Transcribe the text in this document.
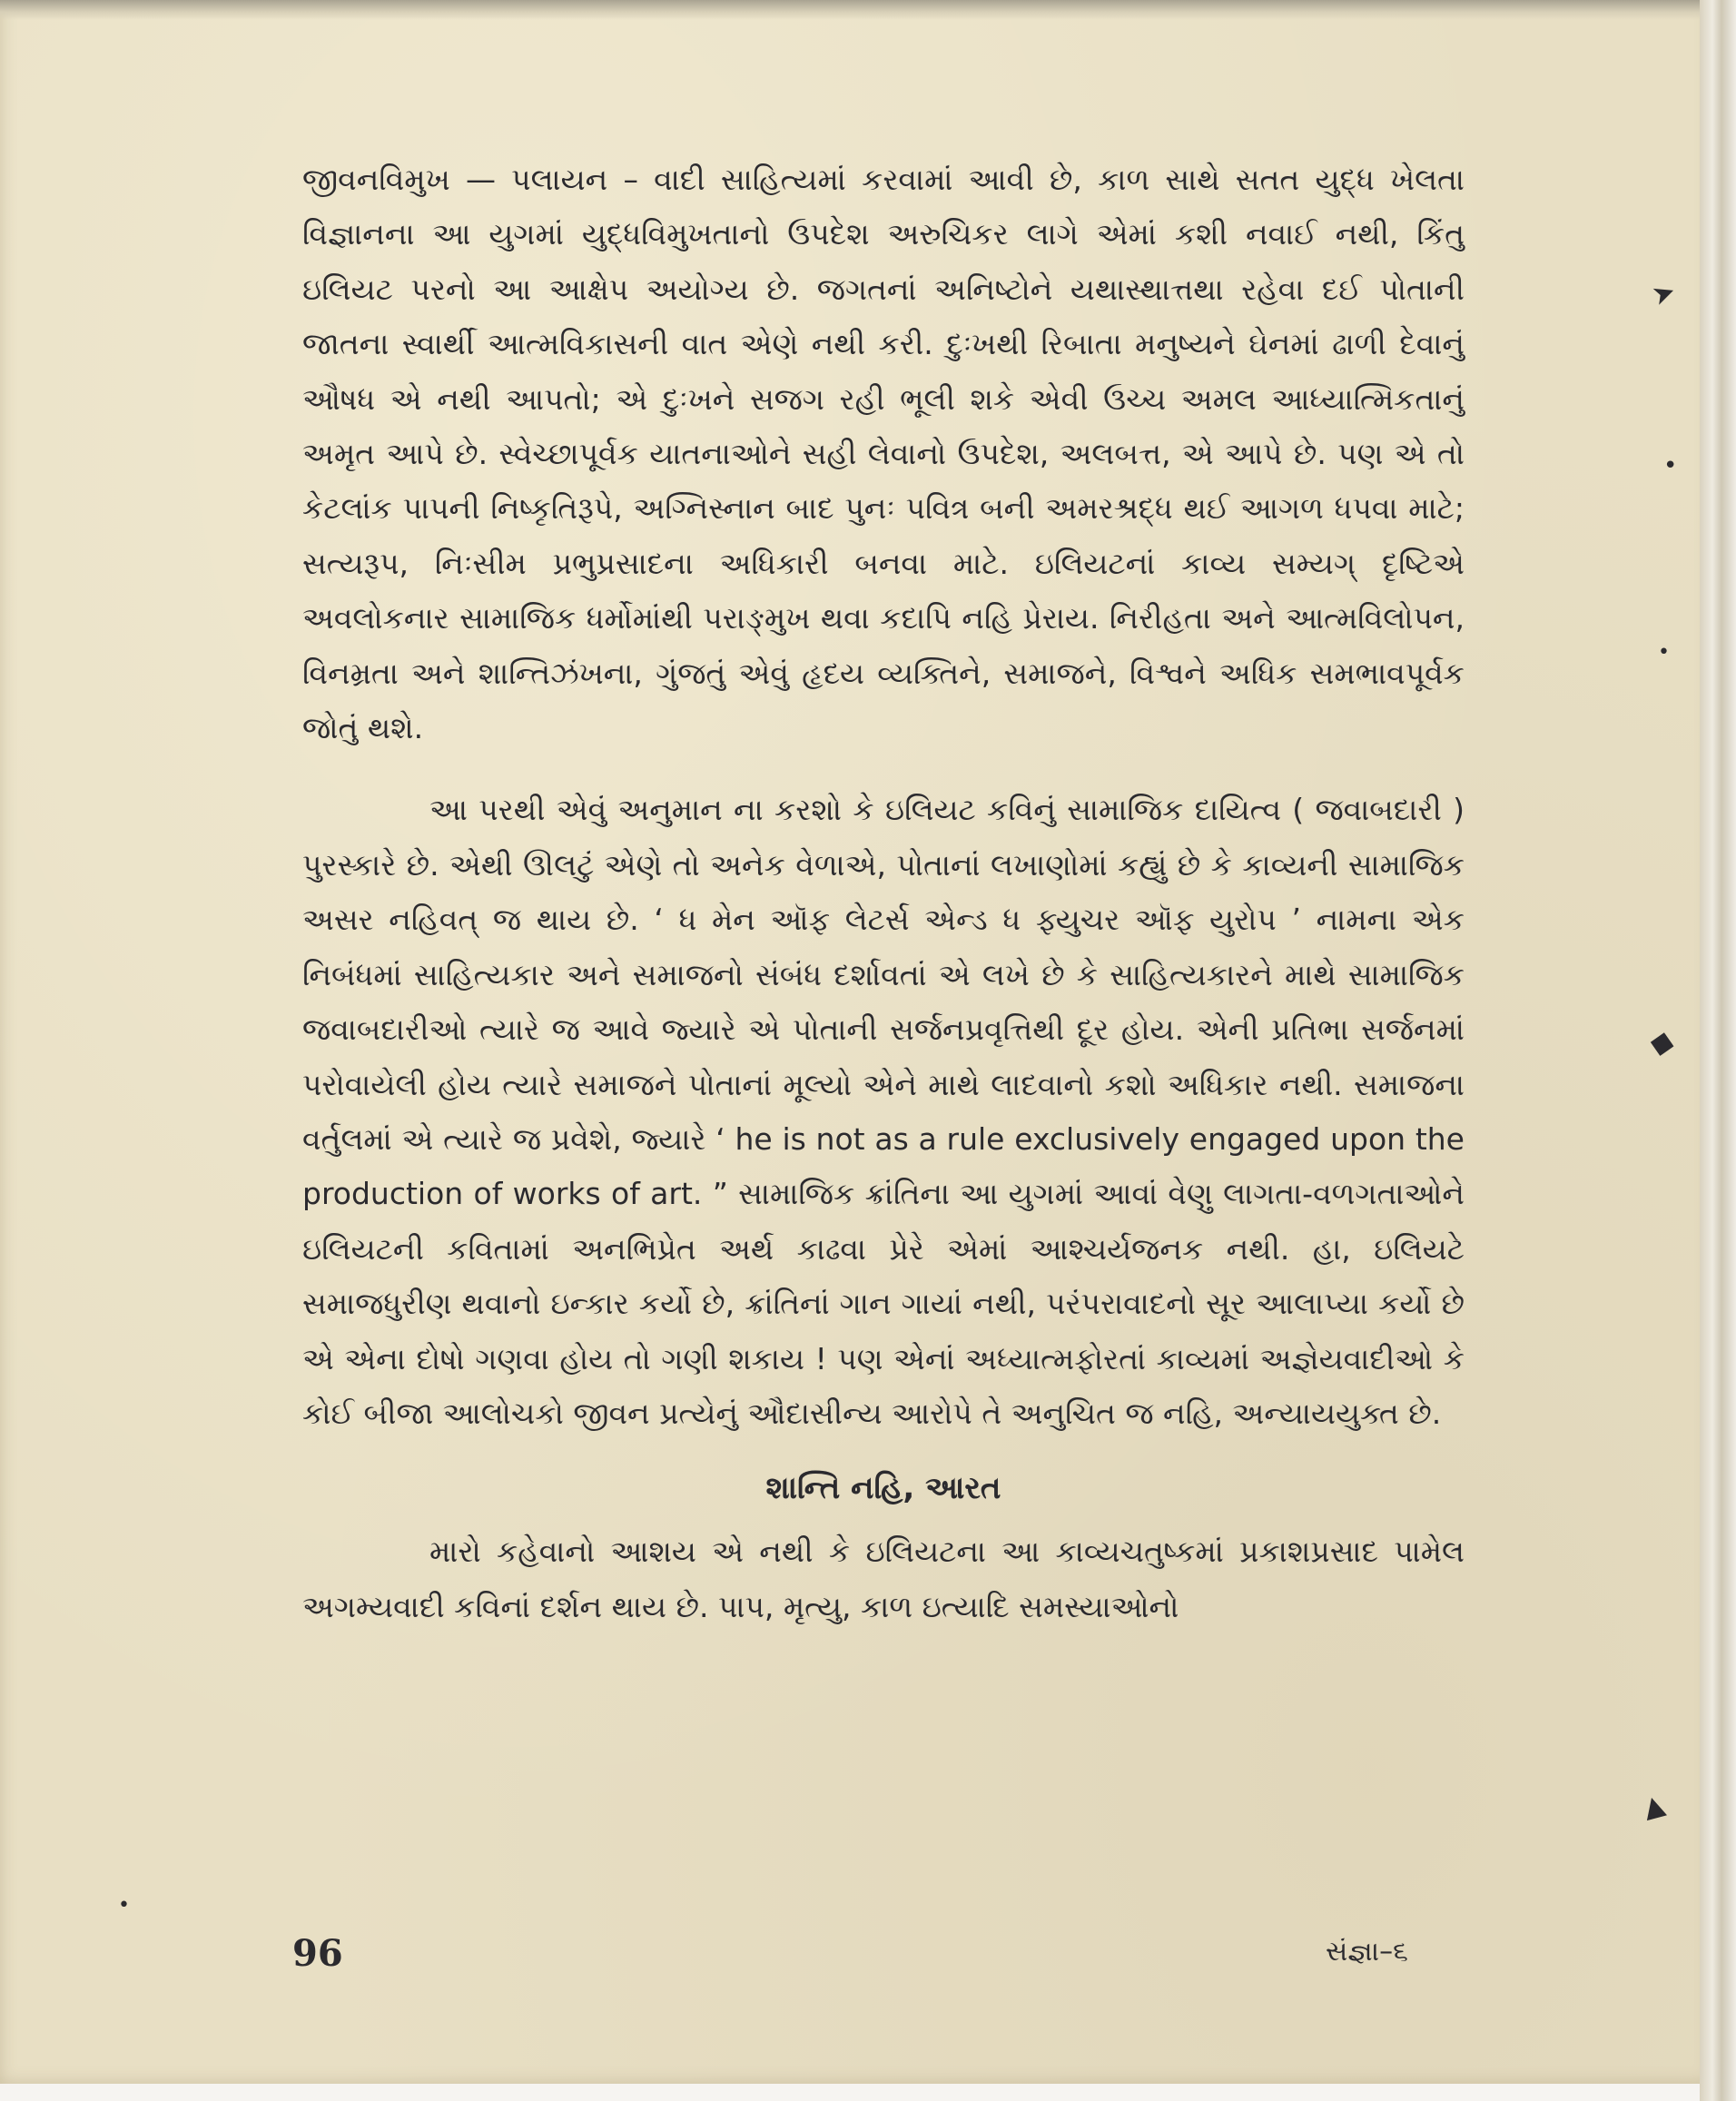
જીવનવિમુખ — પલાયન – વાદી સાહિત્યમાં કરવામાં આવી છે, કાળ સાથે સતત યુદ્ધ ખેલતા વિજ્ઞાનના આ યુગમાં યુદ્ધવિમુખતાનો ઉપદેશ અરુચિકર લાગે એમાં કશી નવાઈ નથી, કિંતુ ઇલિયટ પરનો આ આક્ષેપ અયોગ્ય છે. જગતનાં અનિષ્ટોને યથાસ્થાત્તથા રહેવા દઈ પોતાની જાતના સ્વાર્થી આત્મવિકાસની વાત એણે નથી કરી. દુઃખથી રિબાતા મનુષ્યને ઘેનમાં ઢાળી દેવાનું ઔષધ એ નથી આપતો; એ દુઃખને સજગ રહી ભૂલી શકે એવી ઉચ્ચ અમલ આધ્યાત્મિકતાનું અમૃત આપે છે. સ્વેચ્છાપૂર્વક યાતનાઓને સહી લેવાનો ઉપદેશ, અલબત્ત, એ આપે છે. પણ એ તો કેટલાંક પાપની નિષ્કૃતિરૂપે, અગ્નિસ્નાન બાદ પુનઃ પવિત્ર બની અમરશ્રદ્ધ થઈ આગળ ધપવા માટે; સત્યરૂપ, નિઃસીમ પ્રભુપ્રસાદના અધિકારી બનવા માટે. ઇલિયટનાં કાવ્ય સમ્યગ્ દૃષ્ટિએ અવલોકનાર સામાજિક ધર્મોમાંથી પરાઙ્મુખ થવા કદાપિ નહિ પ્રેરાય. નિરીહતા અને આત્મવિલોપન, વિનમ્રતા અને શાન્તિઝંખના, ગુંજતું એવું હૃદય વ્યક્તિને, સમાજને, વિશ્વને અધિક સમભાવપૂર્વક જોતું થશે.

આ પરથી એવું અનુમાન ના કરશો કે ઇલિયટ કવિનું સામાજિક દાયિત્વ ( જવાબદારી ) પુરસ્કારે છે. એથી ઊલટું એણે તો અનેક વેળાએ, પોતાનાં લખાણોમાં કહ્યું છે કે કાવ્યની સામાજિક અસર નહિવત્ જ થાય છે. ‘ ધ મેન ઑફ લેટર્સ એન્ડ ધ ફ્યુચર ઑફ યુરોપ ’ નામના એક નિબંધમાં સાહિત્યકાર અને સમાજનો સંબંધ દર્શાવતાં એ લખે છે કે સાહિત્યકારને માથે સામાજિક જવાબદારીઓ ત્યારે જ આવે જ્યારે એ પોતાની સર્જનપ્રવૃત્તિથી દૂર હોય. એની પ્રતિભા સર્જનમાં પરોવાયેલી હોય ત્યારે સમાજને પોતાનાં મૂલ્યો એને માથે લાદવાનો કશો અધિકાર નથી. સમાજના વર્તુલમાં એ ત્યારે જ પ્રવેશે, જ્યારે ‘ he is not as a rule exclusively engaged upon the production of works of art. ” સામાજિક ક્રાંતિના આ યુગમાં આવાં વેણુ લાગતા-વળગતાઓને ઇલિયટની કવિતામાં અનભિપ્રેત અર્થ કાઢવા પ્રેરે એમાં આશ્ચર્યજનક નથી. હા, ઇલિયટે સમાજધુરીણ થવાનો ઇન્કાર કર્યો છે, ક્રાંતિનાં ગાન ગાયાં નથી, પરંપરાવાદનો સૂર આલાપ્યા કર્યો છે એ એના દોષો ગણવા હોય તો ગણી શકાય ! પણ એનાં અધ્યાત્મફોરતાં કાવ્યમાં અજ્ઞેયવાદીઓ કે કોઈ બીજા આલોચકો જીવન પ્રત્યેનું ઔદાસીન્ય આરોપે તે અનુચિત જ નહિ, અન્યાયયુક્ત છે.

શાન્તિ નહિ, આરત

મારો કહેવાનો આશય એ નથી કે ઇલિયટના આ કાવ્યચતુષ્કમાં પ્રકાશપ્રસાદ પામેલ અગમ્યવાદી કવિનાં દર્શન થાય છે. પાપ, મૃત્યુ, કાળ ઇત્યાદિ સમસ્યાઓનો

96	સંજ્ઞા–૬
➤
•
•
◆
▲
•
